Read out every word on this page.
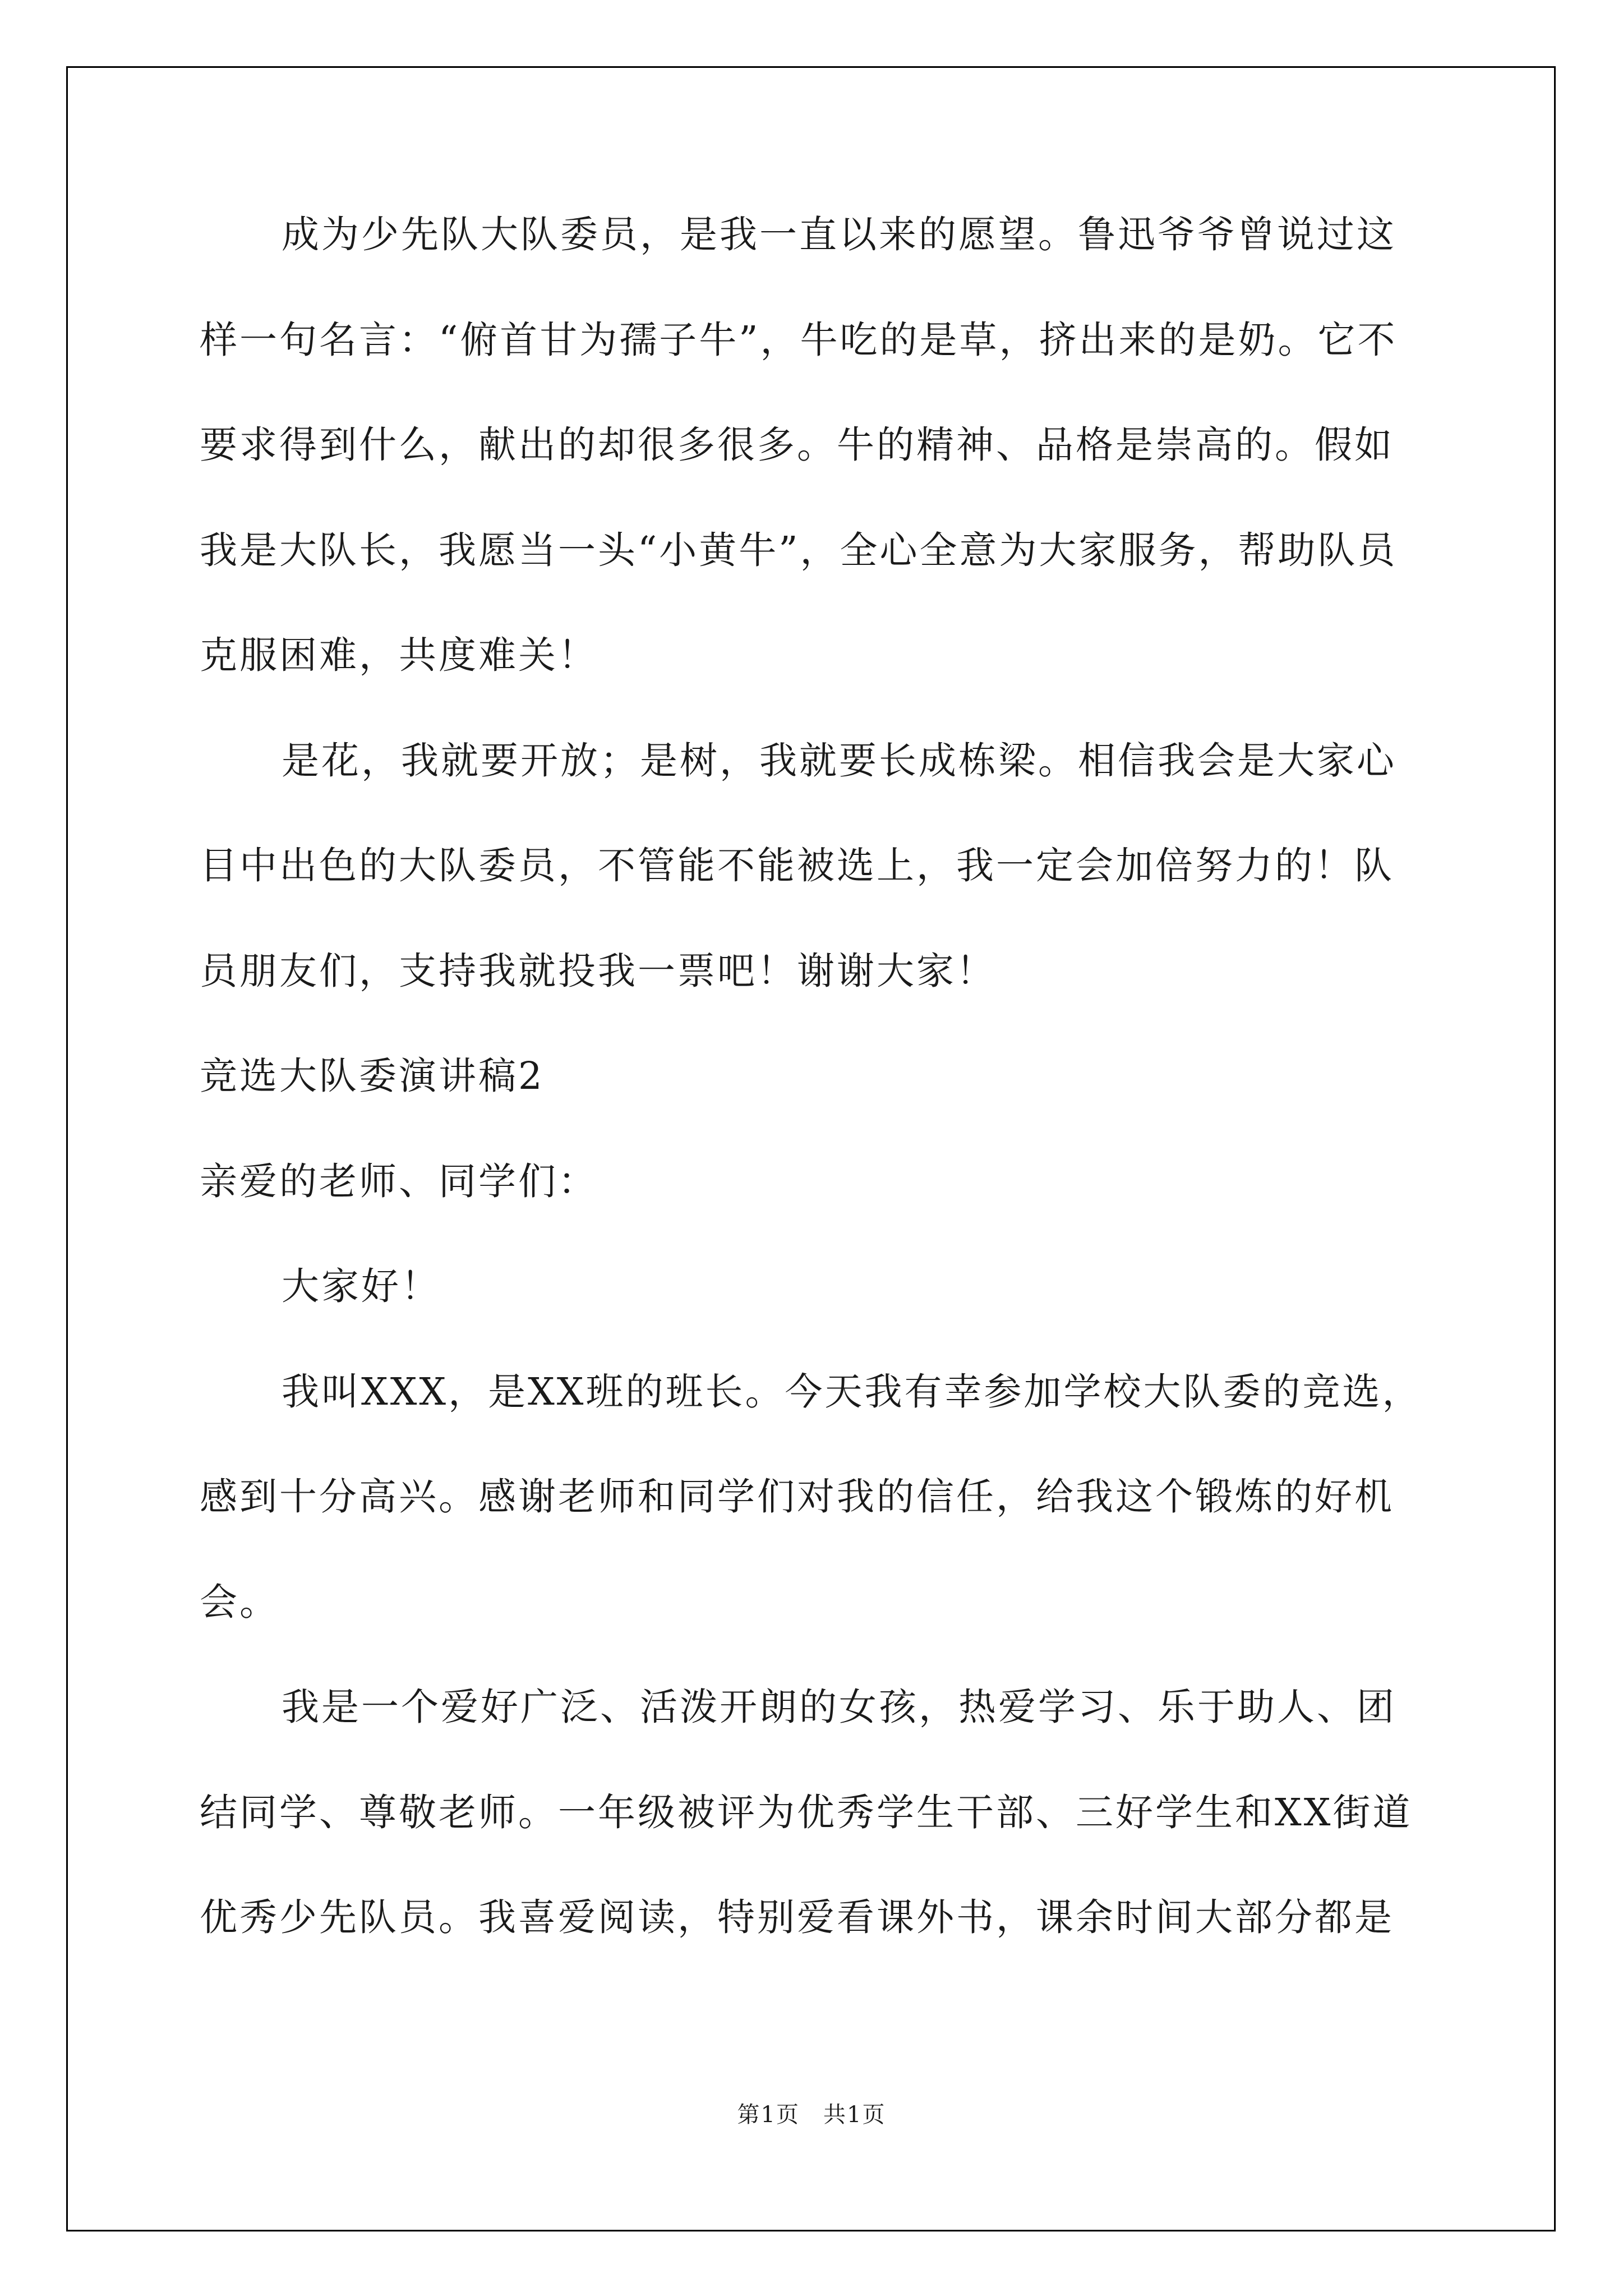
成为少先队大队委员，是我一直以来的愿望。鲁迅爷爷曾说过这
样一句名言：“俯首甘为孺子牛”，牛吃的是草，挤出来的是奶。它不
要求得到什么，献出的却很多很多。牛的精神、品格是崇高的。假如
我是大队长，我愿当一头“小黄牛”，全心全意为大家服务，帮助队员
克服困难，共度难关！
是花，我就要开放；是树，我就要长成栋梁。相信我会是大家心
目中出色的大队委员，不管能不能被选上，我一定会加倍努力的！队
员朋友们，支持我就投我一票吧！谢谢大家！
竞选大队委演讲稿2
亲爱的老师、同学们：
大家好！
我叫XXX，是XX班的班长。今天我有幸参加学校大队委的竞选，
感到十分高兴。感谢老师和同学们对我的信任，给我这个锻炼的好机
会。
我是一个爱好广泛、活泼开朗的女孩，热爱学习、乐于助人、团
结同学、尊敬老师。一年级被评为优秀学生干部、三好学生和XX街道
优秀少先队员。我喜爱阅读，特别爱看课外书，课余时间大部分都是
第1页　共1页
